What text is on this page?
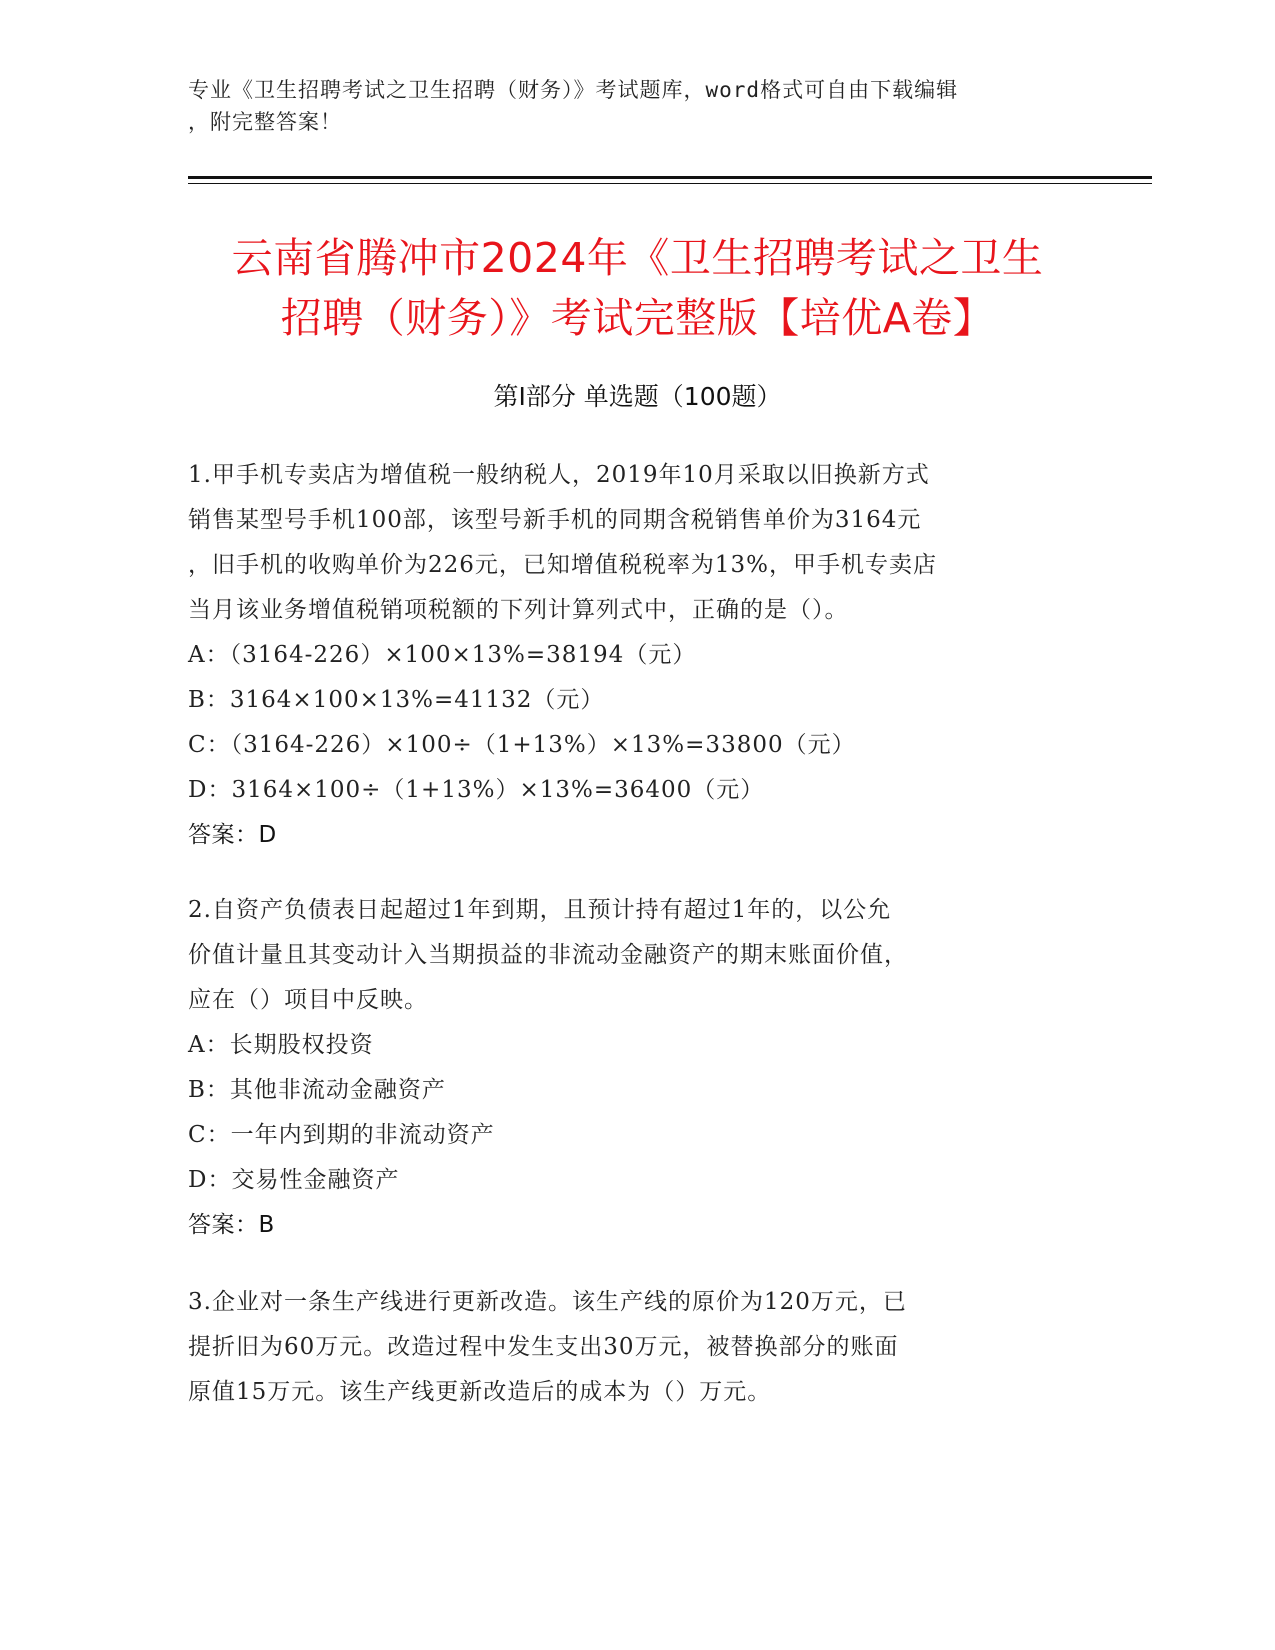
专业《卫生招聘考试之卫生招聘（财务）》考试题库，word格式可自由下载编辑
，附完整答案！
云南省腾冲市2024年《卫生招聘考试之卫生
招聘（财务）》考试完整版【培优A卷】
第Ⅰ部分 单选题（100题）
1.甲手机专卖店为增值税一般纳税人，2019年10月采取以旧换新方式
销售某型号手机100部，该型号新手机的同期含税销售单价为3164元
，旧手机的收购单价为226元，已知增值税税率为13%，甲手机专卖店
当月该业务增值税销项税额的下列计算列式中，正确的是（）。
A：（3164-226）×100×13%=38194（元）
B：3164×100×13%=41132（元）
C：（3164-226）×100÷（1+13%）×13%=33800（元）
D：3164×100÷（1+13%）×13%=36400（元）
答案：D
2.自资产负债表日起超过1年到期，且预计持有超过1年的，以公允
价值计量且其变动计入当期损益的非流动金融资产的期末账面价值，
应在（）项目中反映。
A：长期股权投资
B：其他非流动金融资产
C：一年内到期的非流动资产
D：交易性金融资产
答案：B
3.企业对一条生产线进行更新改造。该生产线的原价为120万元，已
提折旧为60万元。改造过程中发生支出30万元，被替换部分的账面
原值15万元。该生产线更新改造后的成本为（）万元。
